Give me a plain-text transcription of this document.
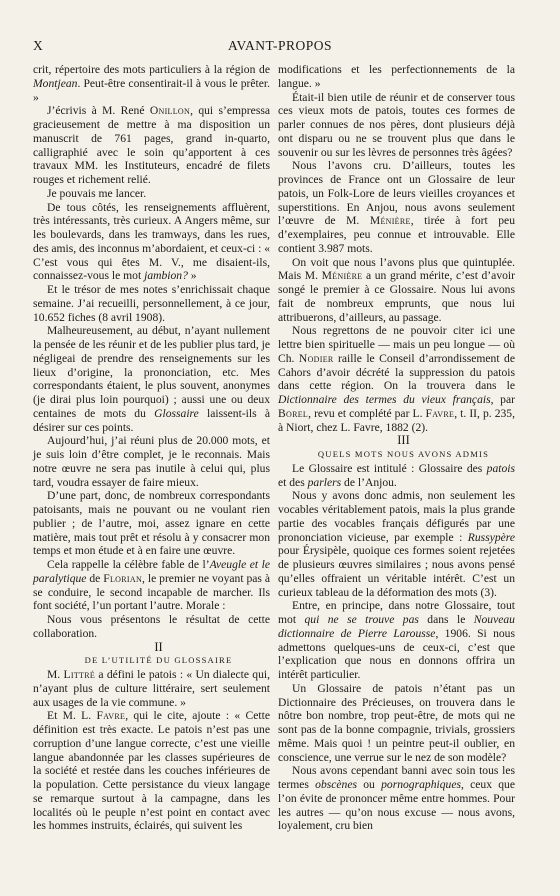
X	AVANT-PROPOS

crit, répertoire des mots particuliers à la région de Montjean. Peut-être consentirait-il à vous le prêter. »

J’écrivis à M. René Onillon, qui s’empressa gracieusement de mettre à ma disposition un manuscrit de 761 pages, grand in-quarto, calligraphié avec le soin qu’apportent à ces travaux MM. les Instituteurs, encadré de filets rouges et richement relié.

Je pouvais me lancer.

De tous côtés, les renseignements affluèrent, très intéressants, très curieux. A Angers même, sur les boulevards, dans les tramways, dans les rues, des amis, des inconnus m’abordaient, et ceux-ci : « C’est vous qui êtes M. V., me disaient-ils, connaissez-vous le mot jambion? »

Et le trésor de mes notes s’enrichissait chaque semaine. J’ai recueilli, personnellement, à ce jour, 10.652 fiches (8 avril 1908).

Malheureusement, au début, n’ayant nullement la pensée de les réunir et de les publier plus tard, je négligeai de prendre des renseignements sur les lieux d’origine, la prononciation, etc. Mes correspondants étaient, le plus souvent, anonymes (je dirai plus loin pourquoi) ; aussi une ou deux centaines de mots du Glossaire laissent-ils à désirer sur ces points.

Aujourd’hui, j’ai réuni plus de 20.000 mots, et je suis loin d’être complet, je le reconnais. Mais notre œuvre ne sera pas inutile à celui qui, plus tard, voudra essayer de faire mieux.

D’une part, donc, de nombreux correspondants patoisants, mais ne pouvant ou ne voulant rien publier ; de l’autre, moi, assez ignare en cette matière, mais tout prêt et résolu à y consacrer mon temps et mon étude et à en faire une œuvre.

Cela rappelle la célèbre fable de l’Aveugle et le paralytique de Florian, le premier ne voyant pas à se conduire, le second incapable de marcher. Ils font société, l’un portant l’autre. Morale :

Nous vous présentons le résultat de cette collaboration.

II

DE L’UTILITÉ DU GLOSSAIRE

M. Littré a défini le patois : « Un dialecte qui, n’ayant plus de culture littéraire, sert seulement aux usages de la vie commune. »

Et M. L. Favre, qui le cite, ajoute : « Cette définition est très exacte. Le patois n’est pas une corruption d’une langue correcte, c’est une vieille langue abandonnée par les classes supérieures de la société et restée dans les couches inférieures de la population. Cette persistance du vieux langage se remarque surtout à la campagne, dans les localités où le peuple n’est point en contact avec les hommes instruits, éclairés, qui suivent les

modifications et les perfectionnements de la langue. »

Était-il bien utile de réunir et de conserver tous ces vieux mots de patois, toutes ces formes de parler connues de nos pères, dont plusieurs déjà ont disparu ou ne se trouvent plus que dans le souvenir ou sur les lèvres de personnes très âgées?

Nous l’avons cru. D’ailleurs, toutes les provinces de France ont un Glossaire de leur patois, un Folk-Lore de leurs vieilles croyances et superstitions. En Anjou, nous avons seulement l’œuvre de M. Ménière, tirée à fort peu d’exemplaires, peu connue et introuvable. Elle contient 3.987 mots.

On voit que nous l’avons plus que quintuplée. Mais M. Ménière a un grand mérite, c’est d’avoir songé le premier à ce Glossaire. Nous lui avons fait de nombreux emprunts, que nous lui attribuerons, d’ailleurs, au passage.

Nous regrettons de ne pouvoir citer ici une lettre bien spirituelle — mais un peu longue — où Ch. Nodier raille le Conseil d’arrondissement de Cahors d’avoir décrété la suppression du patois dans cette région. On la trouvera dans le Dictionnaire des termes du vieux français, par Borel, revu et complété par L. Favre, t. II, p. 235, à Niort, chez L. Favre, 1882 (2).

III

QUELS MOTS NOUS AVONS ADMIS

Le Glossaire est intitulé : Glossaire des patois et des parlers de l’Anjou.

Nous y avons donc admis, non seulement les vocables véritablement patois, mais la plus grande partie des vocables français défigurés par une prononciation vicieuse, par exemple : Russypère pour Érysipèle, quoique ces formes soient rejetées de plusieurs œuvres similaires ; nous avons pensé qu’elles offraient un véritable intérêt. C’est un curieux tableau de la déformation des mots (3).

Entre, en principe, dans notre Glossaire, tout mot qui ne se trouve pas dans le Nouveau dictionnaire de Pierre Larousse, 1906. Si nous admettons quelques-uns de ceux-ci, c’est que l’explication que nous en donnons offrira un intérêt particulier.

Un Glossaire de patois n’étant pas un Dictionnaire des Précieuses, on trouvera dans le nôtre bon nombre, trop peut-être, de mots qui ne sont pas de la bonne compagnie, trivials, grossiers même. Mais quoi ! un peintre peut-il oublier, en conscience, une verrue sur le nez de son modèle?

Nous avons cependant banni avec soin tous les termes obscènes ou pornographiques, ceux que l’on évite de prononcer même entre hommes. Pour les autres — qu’on nous excuse — nous avons, loyalement, cru bien
